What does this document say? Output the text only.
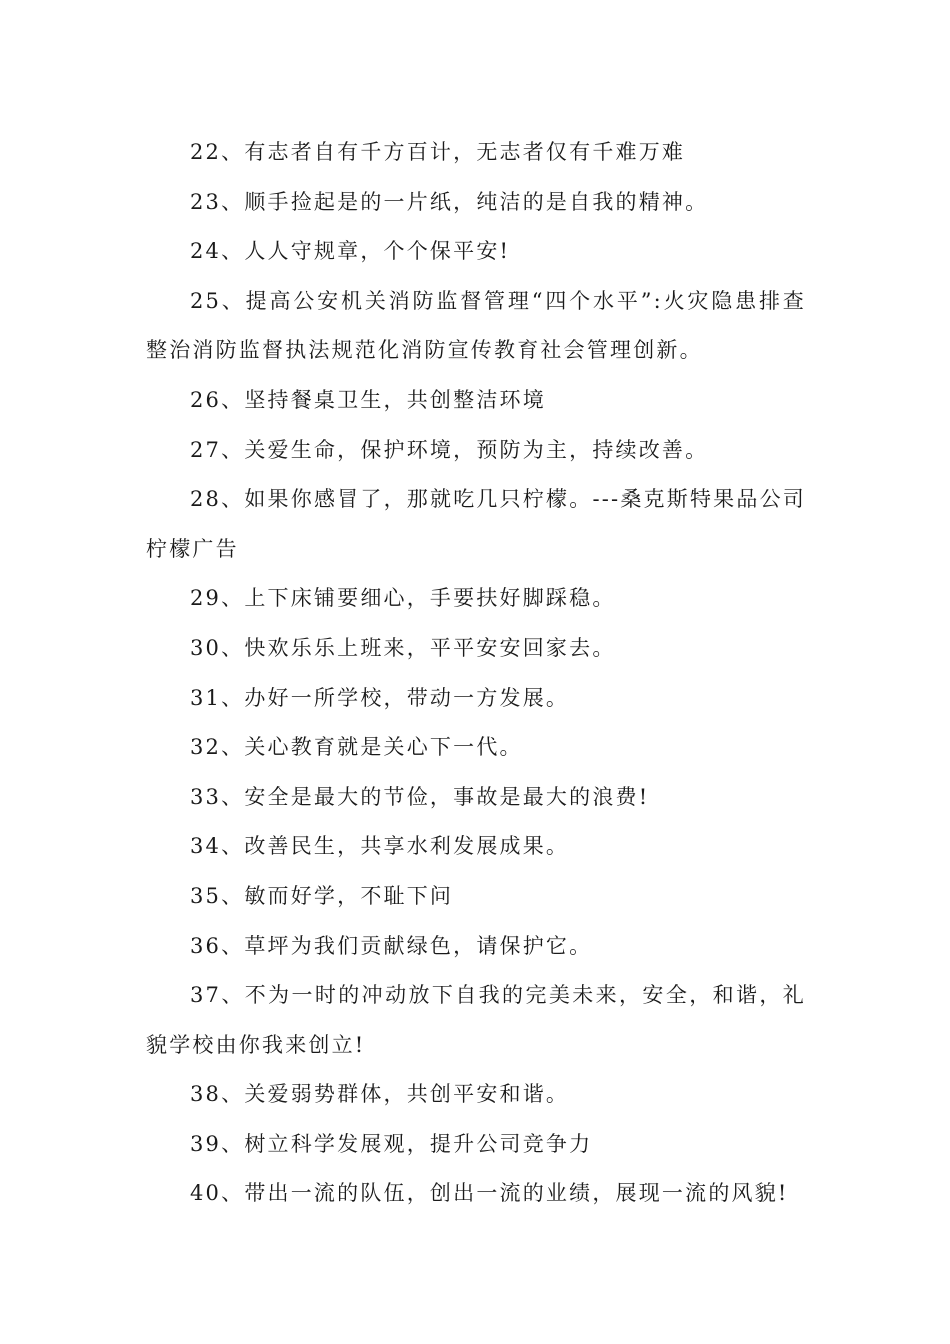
22、有志者自有千方百计，无志者仅有千难万难

23、顺手捡起是的一片纸，纯洁的是自我的精神。

24、人人守规章，个个保平安!

25、提高公安机关消防监督管理“四个水平”:火灾隐患排查整治消防监督执法规范化消防宣传教育社会管理创新。

26、坚持餐桌卫生，共创整洁环境

27、关爱生命，保护环境，预防为主，持续改善。

28、如果你感冒了，那就吃几只柠檬。---桑克斯特果品公司柠檬广告

29、上下床铺要细心，手要扶好脚踩稳。

30、快欢乐乐上班来，平平安安回家去。

31、办好一所学校，带动一方发展。

32、关心教育就是关心下一代。

33、安全是最大的节俭，事故是最大的浪费!

34、改善民生，共享水利发展成果。

35、敏而好学，不耻下问

36、草坪为我们贡献绿色，请保护它。

37、不为一时的冲动放下自我的完美未来，安全，和谐，礼貌学校由你我来创立!

38、关爱弱势群体，共创平安和谐。

39、树立科学发展观，提升公司竞争力

40、带出一流的队伍，创出一流的业绩，展现一流的风貌!
